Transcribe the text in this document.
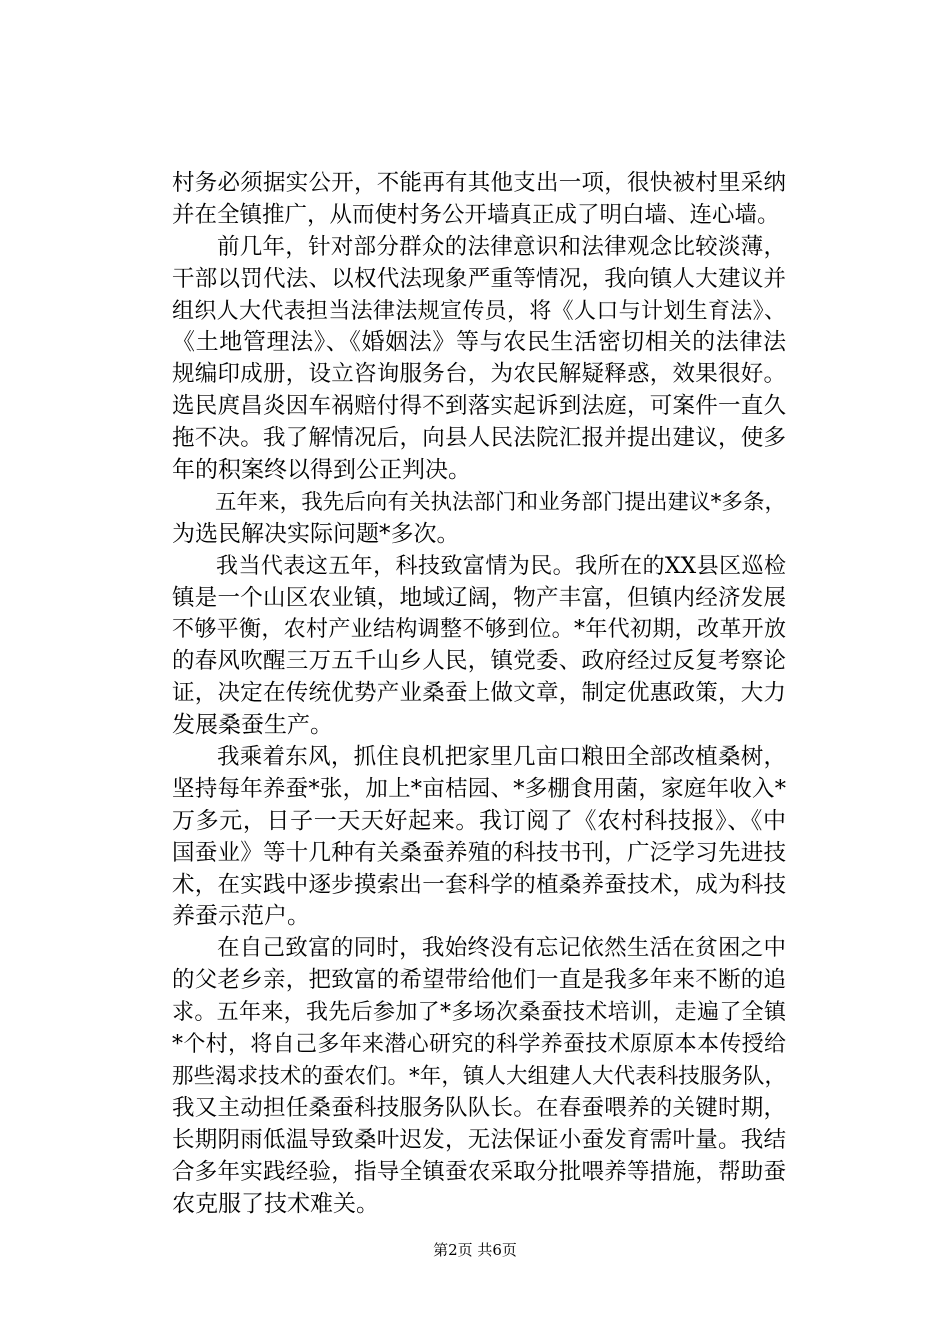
村务必须据实公开，不能再有其他支出一项，很快被村里采纳
并在全镇推广，从而使村务公开墙真正成了明白墙、连心墙。
前几年，针对部分群众的法律意识和法律观念比较淡薄，
干部以罚代法、以权代法现象严重等情况，我向镇人大建议并
组织人大代表担当法律法规宣传员，将《人口与计划生育法》、
《土地管理法》、《婚姻法》等与农民生活密切相关的法律法
规编印成册，设立咨询服务台，为农民解疑释惑，效果很好。
选民庹昌炎因车祸赔付得不到落实起诉到法庭，可案件一直久
拖不决。我了解情况后，向县人民法院汇报并提出建议，使多
年的积案终以得到公正判决。
五年来，我先后向有关执法部门和业务部门提出建议*多条，
为选民解决实际问题*多次。
我当代表这五年，科技致富情为民。我所在的XX县区巡检
镇是一个山区农业镇，地域辽阔，物产丰富，但镇内经济发展
不够平衡，农村产业结构调整不够到位。*年代初期，改革开放
的春风吹醒三万五千山乡人民，镇党委、政府经过反复考察论
证，决定在传统优势产业桑蚕上做文章，制定优惠政策，大力
发展桑蚕生产。
我乘着东风，抓住良机把家里几亩口粮田全部改植桑树，
坚持每年养蚕*张，加上*亩桔园、*多棚食用菌，家庭年收入*
万多元，日子一天天好起来。我订阅了《农村科技报》、《中
国蚕业》等十几种有关桑蚕养殖的科技书刊，广泛学习先进技
术，在实践中逐步摸索出一套科学的植桑养蚕技术，成为科技
养蚕示范户。
在自己致富的同时，我始终没有忘记依然生活在贫困之中
的父老乡亲，把致富的希望带给他们一直是我多年来不断的追
求。五年来，我先后参加了*多场次桑蚕技术培训，走遍了全镇
*个村，将自己多年来潜心研究的科学养蚕技术原原本本传授给
那些渴求技术的蚕农们。*年，镇人大组建人大代表科技服务队，
我又主动担任桑蚕科技服务队队长。在春蚕喂养的关键时期，
长期阴雨低温导致桑叶迟发，无法保证小蚕发育需叶量。我结
合多年实践经验，指导全镇蚕农采取分批喂养等措施，帮助蚕
农克服了技术难关。
第2页 共6页
